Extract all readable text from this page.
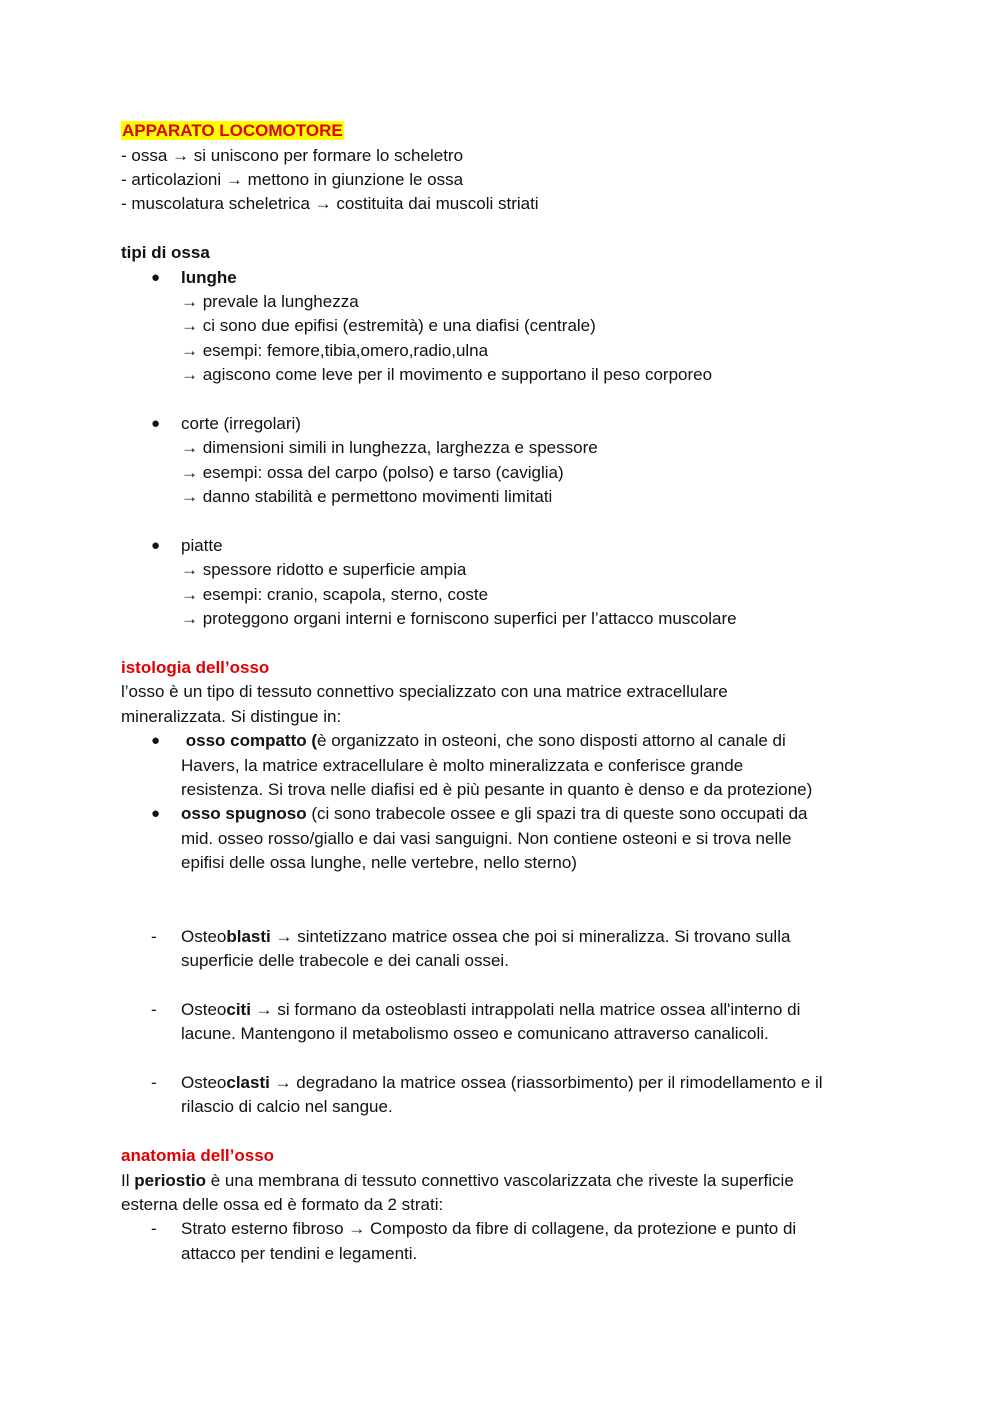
APPARATO LOCOMOTORE
- ossa → si uniscono per formare lo scheletro
- articolazioni → mettono in giunzione le ossa
- muscolatura scheletrica → costituita dai muscoli striati
tipi di ossa
● lunghe
→ prevale la lunghezza
→ ci sono due epifisi (estremità) e una diafisi (centrale)
→ esempi: femore,tibia,omero,radio,ulna
→ agiscono come leve per il movimento e supportano il peso corporeo
● corte (irregolari)
→ dimensioni simili in lunghezza, larghezza e spessore
→ esempi: ossa del carpo (polso) e tarso (caviglia)
→ danno stabilità e permettono movimenti limitati
● piatte
→ spessore ridotto e superficie ampia
→ esempi: cranio, scapola, sterno, coste
→ proteggono organi interni e forniscono superfici per l’attacco muscolare
istologia dell’osso
l’osso è un tipo di tessuto connettivo specializzato con una matrice extracellulare
mineralizzata. Si distingue in:
● osso compatto (è organizzato in osteoni, che sono disposti attorno al canale di
Havers, la matrice extracellulare è molto mineralizzata e conferisce grande
resistenza. Si trova nelle diafisi ed è più pesante in quanto è denso e da protezione)
● osso spugnoso (ci sono trabecole ossee e gli spazi tra di queste sono occupati da
mid. osseo rosso/giallo e dai vasi sanguigni. Non contiene osteoni e si trova nelle
epifisi delle ossa lunghe, nelle vertebre, nello sterno)
- Osteoblasti → sintetizzano matrice ossea che poi si mineralizza. Si trovano sulla
superficie delle trabecole e dei canali ossei.
- Osteociti → si formano da osteoblasti intrappolati nella matrice ossea all'interno di
lacune. Mantengono il metabolismo osseo e comunicano attraverso canalicoli.
- Osteoclasti → degradano la matrice ossea (riassorbimento) per il rimodellamento e il
rilascio di calcio nel sangue.
anatomia dell’osso
Il periostio è una membrana di tessuto connettivo vascolarizzata che riveste la superficie
esterna delle ossa ed è formato da 2 strati:
- Strato esterno fibroso → Composto da fibre di collagene, da protezione e punto di
attacco per tendini e legamenti.
